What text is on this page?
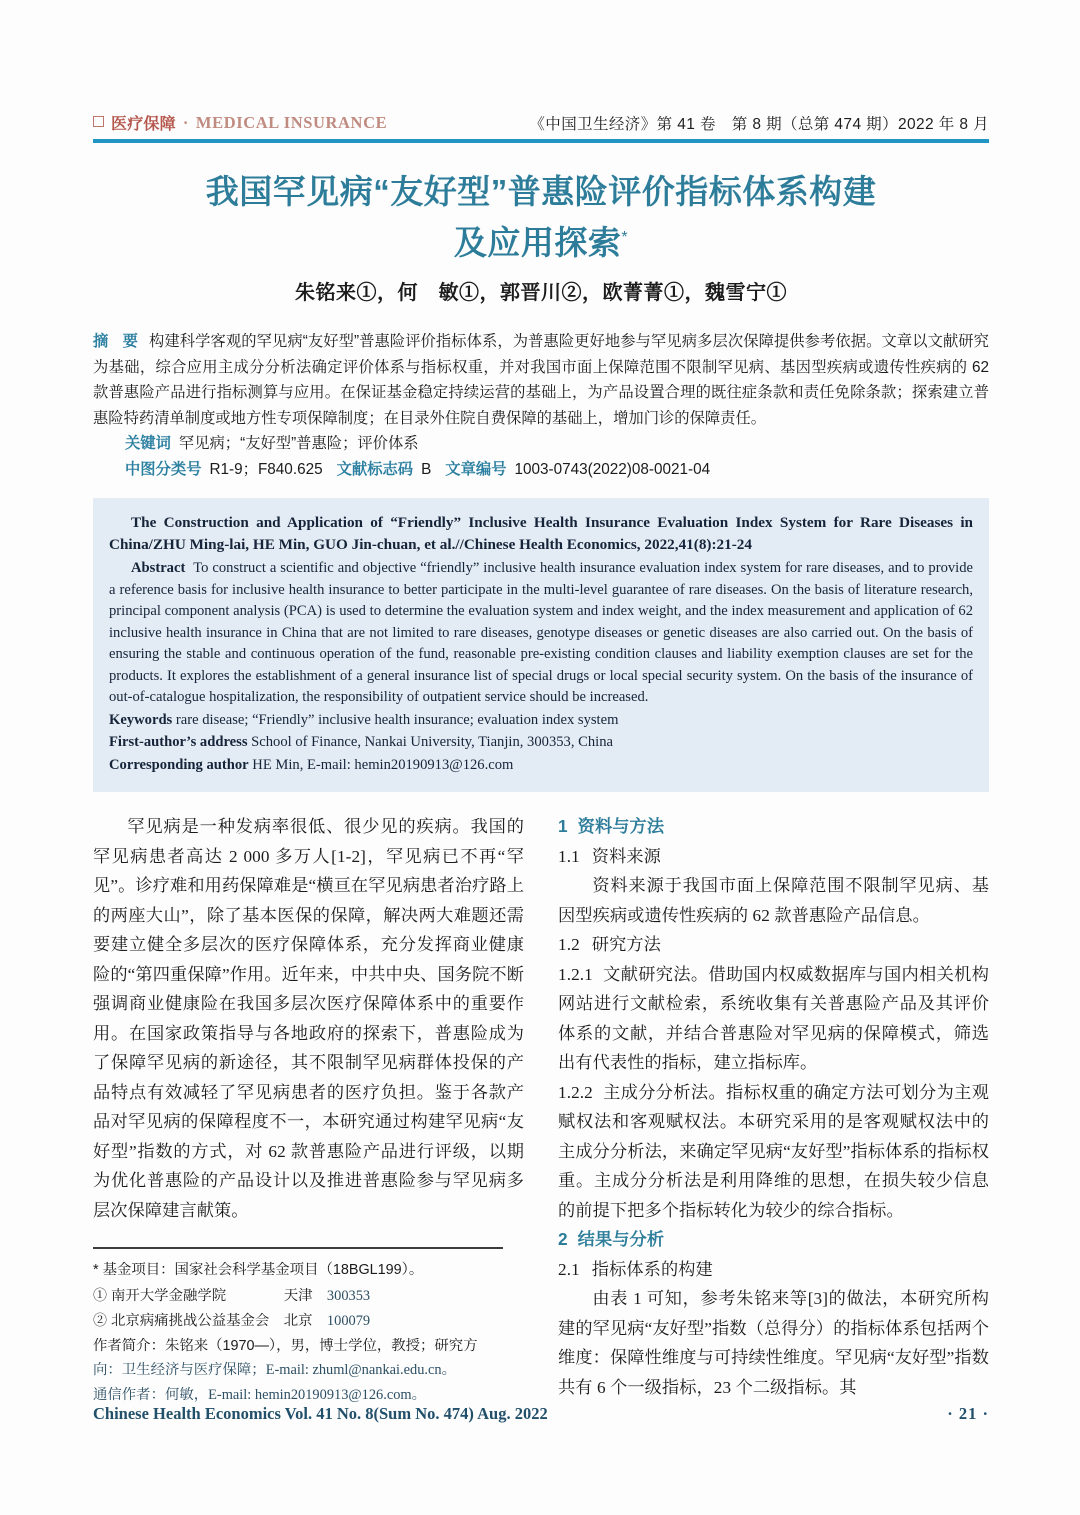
医疗保障 · MEDICAL INSURANCE	《中国卫生经济》第 41 卷　第 8 期（总第 474 期）2022 年 8 月
我国罕见病“友好型”普惠险评价指标体系构建
及应用探索*
朱铭来①，何　敏①，郭晋川②，欧菁菁①，魏雪宁①
摘 要 构建科学客观的罕见病“友好型”普惠险评价指标体系，为普惠险更好地参与罕见病多层次保障提供参考依据。文章以文献研究为基础，综合应用主成分分析法确定评价体系与指标权重，并对我国市面上保障范围不限制罕见病、基因型疾病或遗传性疾病的 62 款普惠险产品进行指标测算与应用。在保证基金稳定持续运营的基础上，为产品设置合理的既往症条款和责任免除条款；探索建立普惠险特药清单制度或地方性专项保障制度；在目录外住院自费保障的基础上，增加门诊的保障责任。
关键词 罕见病；“友好型”普惠险；评价体系
中图分类号 R1-9；F840.625 文献标志码 B 文章编号 1003-0743(2022)08-0021-04
The Construction and Application of “Friendly” Inclusive Health Insurance Evaluation Index System for Rare Diseases in China/ZHU Ming-lai, HE Min, GUO Jin-chuan, et al.//Chinese Health Economics, 2022,41(8):21-24
Abstract To construct a scientific and objective “friendly” inclusive health insurance evaluation index system for rare diseases, and to provide a reference basis for inclusive health insurance to better participate in the multi-level guarantee of rare diseases. On the basis of literature research, principal component analysis (PCA) is used to determine the evaluation system and index weight, and the index measurement and application of 62 inclusive health insurance in China that are not limited to rare diseases, genotype diseases or genetic diseases are also carried out. On the basis of ensuring the stable and continuous operation of the fund, reasonable pre-existing condition clauses and liability exemption clauses are set for the products. It explores the establishment of a general insurance list of special drugs or local special security system. On the basis of the insurance of out-of-catalogue hospitalization, the responsibility of outpatient service should be increased.
Keywords rare disease; “Friendly” inclusive health insurance; evaluation index system
First-author’s address School of Finance, Nankai University, Tianjin, 300353, China
Corresponding author HE Min, E-mail: hemin20190913@126.com

罕见病是一种发病率很低、很少见的疾病。我国的罕见病患者高达 2 000 多万人[1-2]，罕见病已不再“罕见”。诊疗难和用药保障难是“横亘在罕见病患者治疗路上的两座大山”，除了基本医保的保障，解决两大难题还需要建立健全多层次的医疗保障体系，充分发挥商业健康险的“第四重保障”作用。近年来，中共中央、国务院不断强调商业健康险在我国多层次医疗保障体系中的重要作用。在国家政策指导与各地政府的探索下，普惠险成为了保障罕见病的新途径，其不限制罕见病群体投保的产品特点有效减轻了罕见病患者的医疗负担。鉴于各款产品对罕见病的保障程度不一，本研究通过构建罕见病“友好型”指数的方式，对 62 款普惠险产品进行评级，以期为优化普惠险的产品设计以及推进普惠险参与罕见病多层次保障建言献策。

* 基金项目：国家社会科学基金项目（18BGL199）。
① 南开大学金融学院　　　　	天津　 300353
② 北京病痛挑战公益基金会　 北京　 100079
作者简介：朱铭来（1970—），男，博士学位，教授；研究方
向：卫生经济与医疗保障；E-mail: zhuml@nankai.edu.cn。
通信作者：何敏，E-mail: hemin20190913@126.com。

1 资料与方法

1.1 资料来源

资料来源于我国市面上保障范围不限制罕见病、基因型疾病或遗传性疾病的 62 款普惠险产品信息。

1.2 研究方法

1.2.1 文献研究法。借助国内权威数据库与国内相关机构网站进行文献检索，系统收集有关普惠险产品及其评价体系的文献，并结合普惠险对罕见病的保障模式，筛选出有代表性的指标，建立指标库。

1.2.2 主成分分析法。指标权重的确定方法可划分为主观赋权法和客观赋权法。本研究采用的是客观赋权法中的主成分分析法，来确定罕见病“友好型”指标体系的指标权重。主成分分析法是利用降维的思想，在损失较少信息的前提下把多个指标转化为较少的综合指标。

2 结果与分析

2.1 指标体系的构建

由表 1 可知，参考朱铭来等[3]的做法，本研究所构建的罕见病“友好型”指数（总得分）的指标体系包括两个维度：保障性维度与可持续性维度。罕见病“友好型”指数共有 6 个一级指标，23 个二级指标。其

Chinese Health Economics Vol. 41 No. 8(Sum No. 474) Aug. 2022	· 21 ·
